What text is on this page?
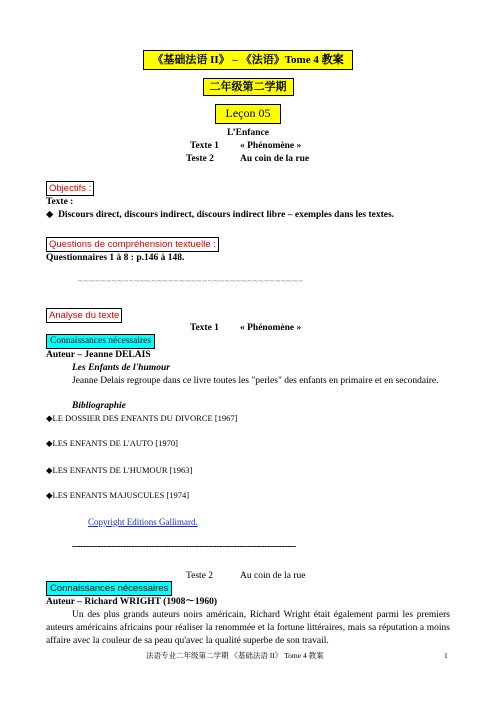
《基础法语 II》 – 《法语》Tome 4 教案
二年级第二学期
Leçon 05
L’Enfance
Texte 1 « Phénomène »
Teste 2	Au coin de la rue
Objectifs :
Texte :
◆ Discours direct, discours indirect, discours indirect libre – exemples dans les textes.
Questions de compréhension textuelle :
Questionnaires 1 à 8 : p.146 à 148.
~~~~~~~~~~~~~~~~~~~~~~~~~~~~~~~~~~~~~~~~
Analyse du texte
Texte 1 « Phénomène »
Connaissances nécessaires
Auteur – Jeanne DELAIS
Les Enfants de l'humour
Jeanne Delais regroupe dans ce livre toutes les "perles" des enfants en primaire et en secondaire.
Bibliographie
◆LE DOSSIER DES ENFANTS DU DIVORCE [1967]
◆LES ENFANTS DE L'AUTO [1970]
◆LES ENFANTS DE L'HUMOUR [1963]
◆LES ENFANTS MAJUSCULES [1974]
Copyright Editions Gallimard.
-------------------------------------------------------------------------------
Teste 2	Au coin de la rue
Connaissances nécessaires
Auteur – Richard WRIGHT (1908～1960)
Un des plus grands auteurs noirs américain, Richard Wright était également parmi les premiers auteurs américains africains pour réaliser la renommée et la fortune littéraires, mais sa réputation a moins affaire avec la couleur de sa peau qu'avec la qualité superbe de son travail.
法语专业二年级第二学期 《基础法语 II》 Tome 4 教案	1
